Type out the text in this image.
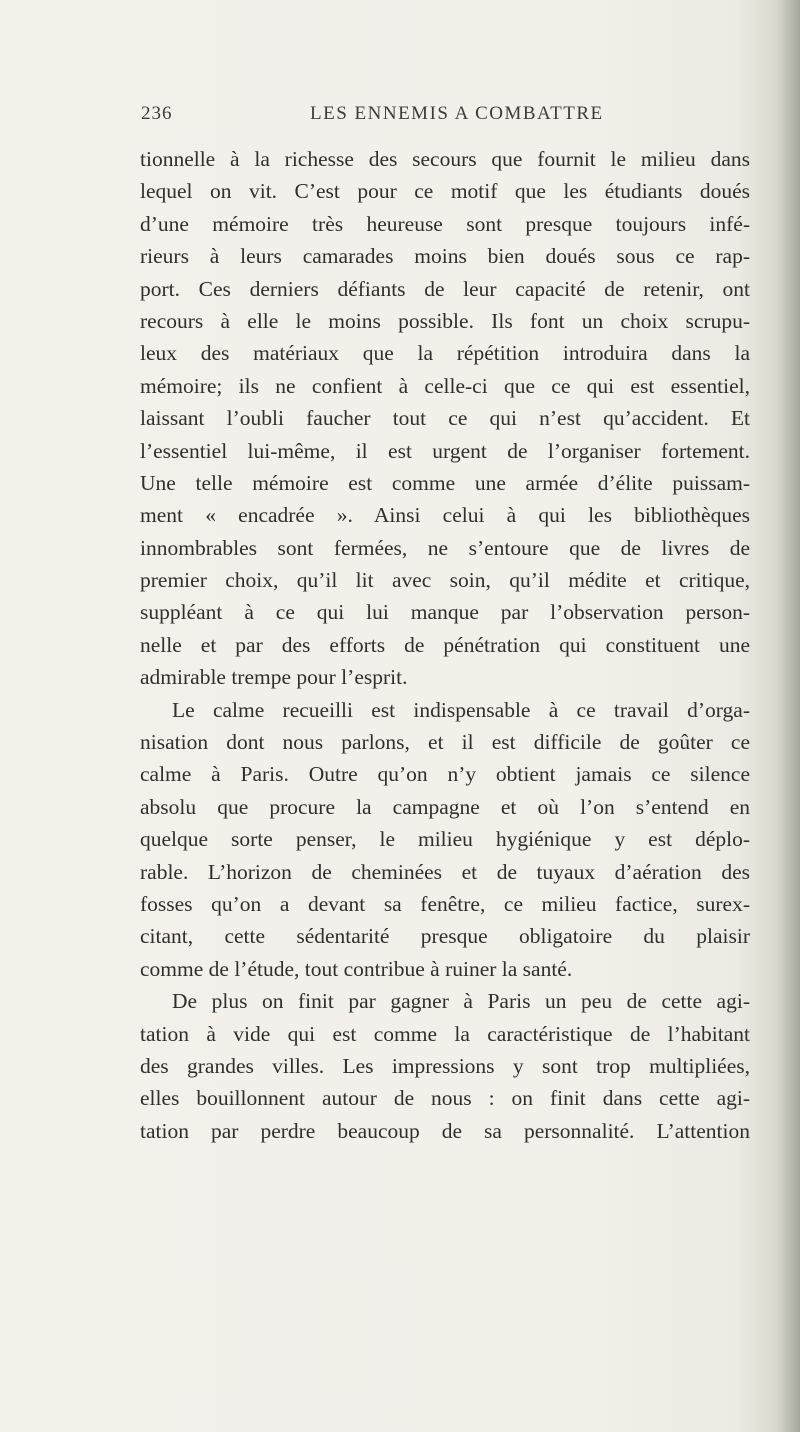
236	LES ENNEMIS A COMBATTRE
tionnelle à la richesse des secours que fournit le milieu dans
lequel on vit. C’est pour ce motif que les étudiants doués
d’une mémoire très heureuse sont presque toujours infé-
rieurs à leurs camarades moins bien doués sous ce rap-
port. Ces derniers défiants de leur capacité de retenir, ont
recours à elle le moins possible. Ils font un choix scrupu-
leux des matériaux que la répétition introduira dans la
mémoire; ils ne confient à celle-ci que ce qui est essentiel,
laissant l’oubli faucher tout ce qui n’est qu’accident. Et
l’essentiel lui-même, il est urgent de l’organiser fortement.
Une telle mémoire est comme une armée d’élite puissam-
ment « encadrée ». Ainsi celui à qui les bibliothèques
innombrables sont fermées, ne s’entoure que de livres de
premier choix, qu’il lit avec soin, qu’il médite et critique,
suppléant à ce qui lui manque par l’observation person-
nelle et par des efforts de pénétration qui constituent une
admirable trempe pour l’esprit.
Le calme recueilli est indispensable à ce travail d’orga-
nisation dont nous parlons, et il est difficile de goûter ce
calme à Paris. Outre qu’on n’y obtient jamais ce silence
absolu que procure la campagne et où l’on s’entend en
quelque sorte penser, le milieu hygiénique y est déplo-
rable. L’horizon de cheminées et de tuyaux d’aération des
fosses qu’on a devant sa fenêtre, ce milieu factice, surex-
citant, cette sédentarité presque obligatoire du plaisir
comme de l’étude, tout contribue à ruiner la santé.
De plus on finit par gagner à Paris un peu de cette agi-
tation à vide qui est comme la caractéristique de l’habitant
des grandes villes. Les impressions y sont trop multipliées,
elles bouillonnent autour de nous : on finit dans cette agi-
tation par perdre beaucoup de sa personnalité. L’attention
